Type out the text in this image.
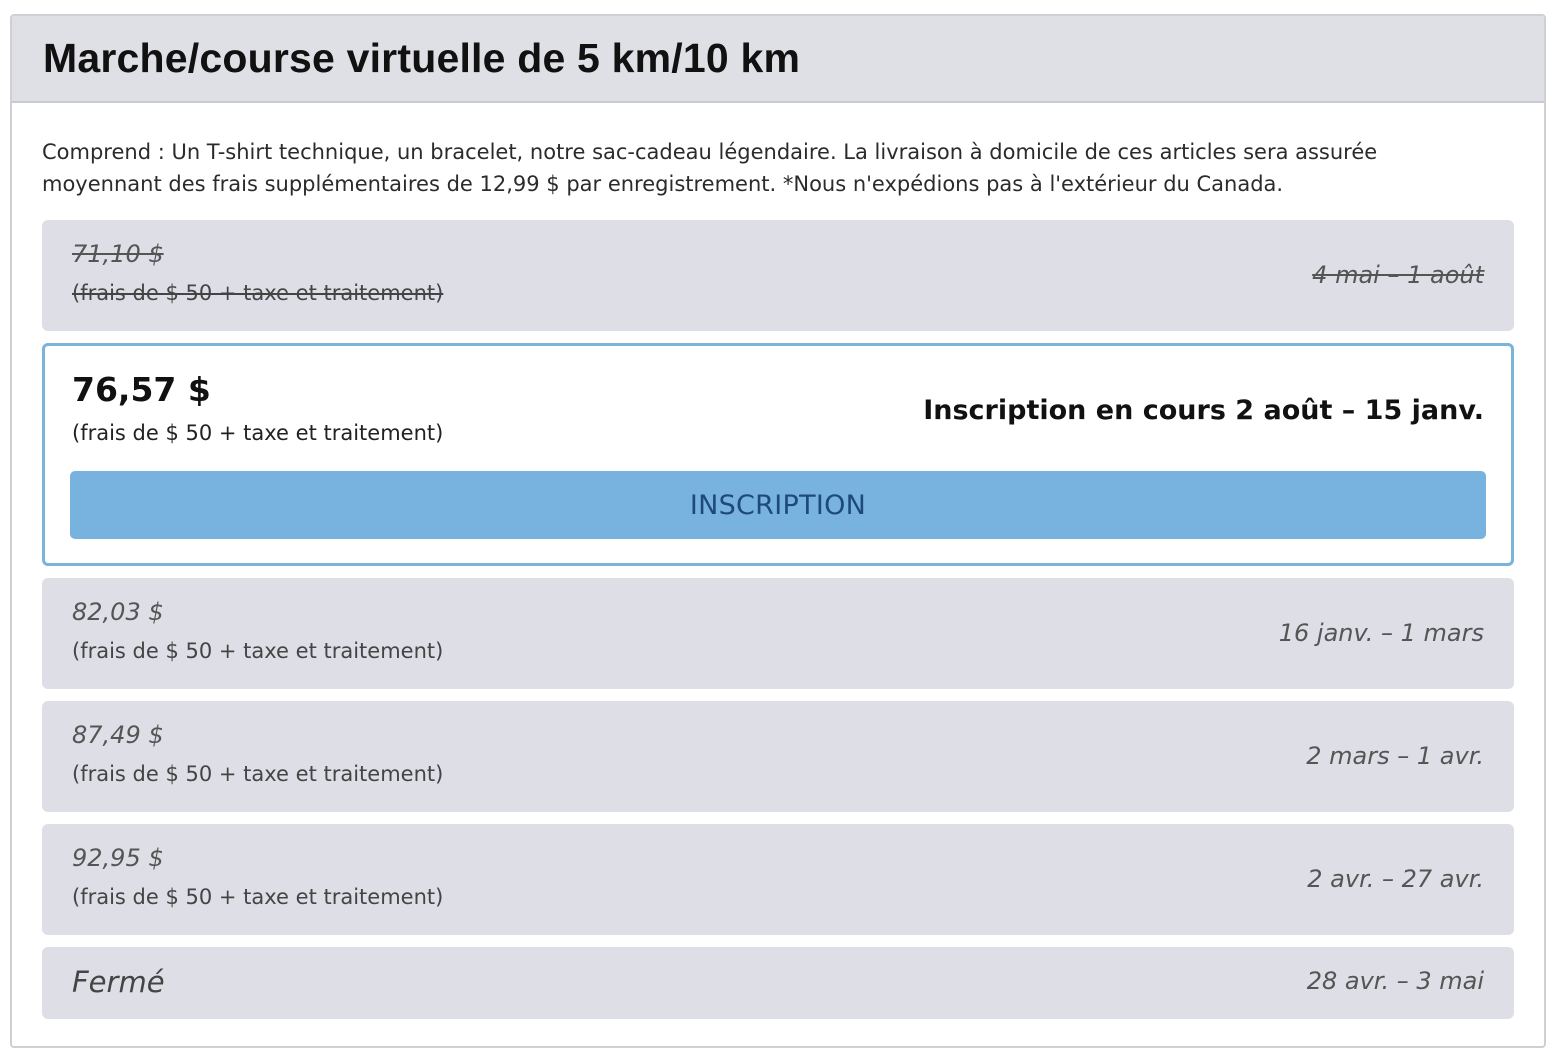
Marche/course virtuelle de 5 km/10 km

Comprend : Un T-shirt technique, un bracelet, notre sac-cadeau légendaire. La livraison à domicile de ces articles sera assurée moyennant des frais supplémentaires de 12,99 $ par enregistrement. *Nous n'expédions pas à l'extérieur du Canada.

71,10 $
(frais de $ 50 + taxe et traitement)
4 mai – 1 août
76,57 $
(frais de $ 50 + taxe et traitement)
Inscription en cours 2 août – 15 janv.
INSCRIPTION
82,03 $
(frais de $ 50 + taxe et traitement)
16 janv. – 1 mars
87,49 $
(frais de $ 50 + taxe et traitement)
2 mars – 1 avr.
92,95 $
(frais de $ 50 + taxe et traitement)
2 avr. – 27 avr.
Fermé	28 avr. – 3 mai
